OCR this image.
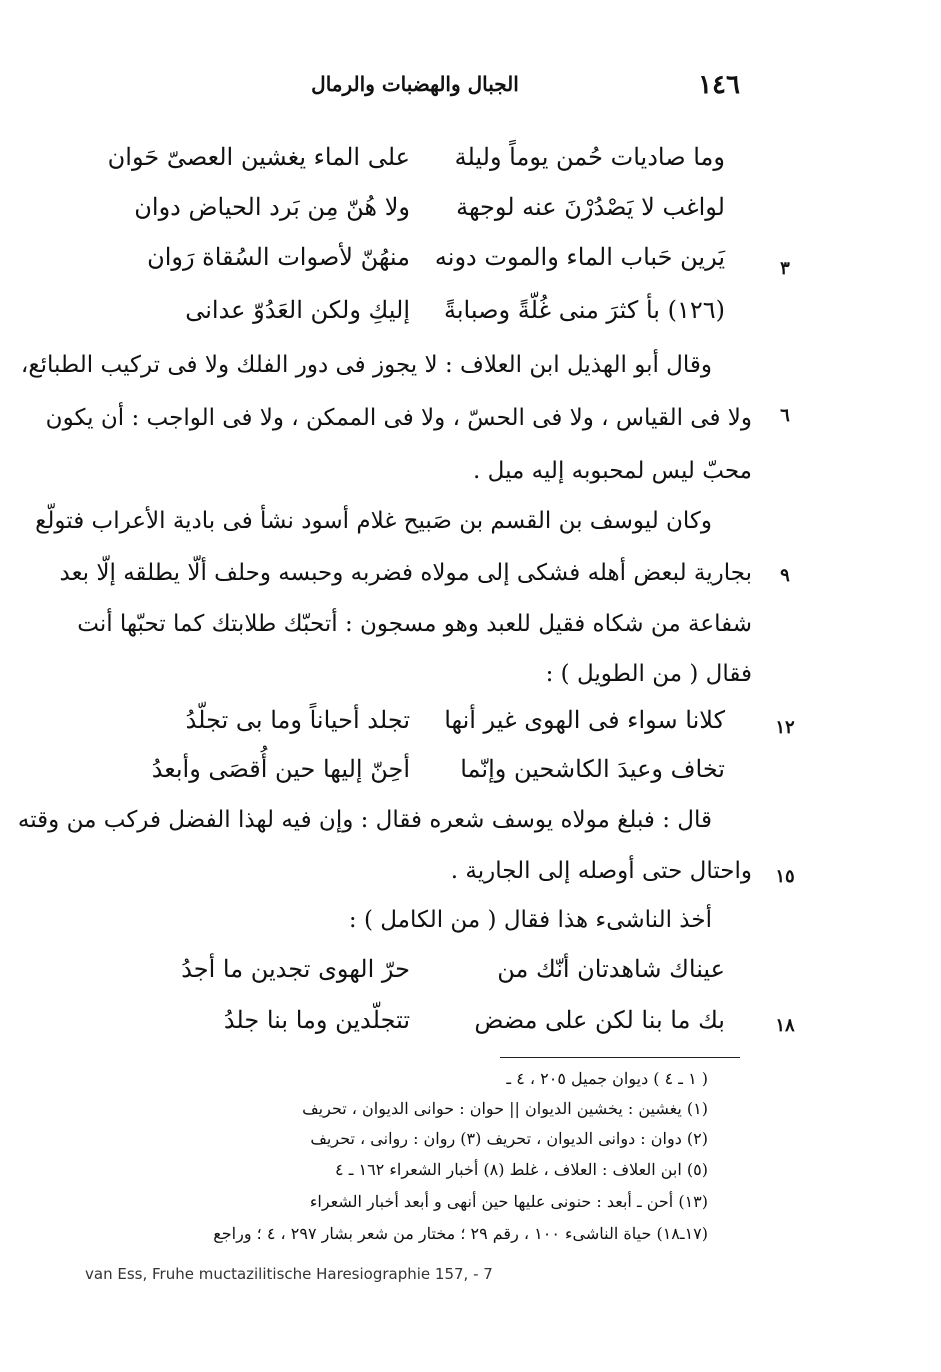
الجبال والهضبات والرمال	١٤٦
وما صاديات حُمن يوماً وليلة
على الماء يغشين العصىّ حَوان
لواغب لا يَصْدُرْنَ عنه لوجهة
ولا هُنّ مِن بَرد الحياض دوان
٣
يَرين حَباب الماء والموت دونه
منهُنّ لأصوات السُقاة رَوان
(١٢٦) بأ كثرَ منى غُلّةً وصبابةً
إليكِ ولكن العَدُوّ عدانى
وقال أبو الهذيل ابن العلاف : لا يجوز فى دور الفلك ولا فى تركيب الطبائع،
٦
ولا فى القياس ، ولا فى الحسّ ، ولا فى الممكن ، ولا فى الواجب : أن يكون
محبّ ليس لمحبوبه إليه ميل .
وكان ليوسف بن القسم بن صَبيح غلام أسود نشأ فى بادية الأعراب فتولّع
٩
بجارية لبعض أهله فشكى إلى مولاه فضربه وحبسه وحلف ألّا يطلقه إلّا بعد
شفاعة من شكاه فقيل للعبد وهو مسجون : أتحبّك طلابتك كما تحبّها أنت
فقال ( من الطويل ) :
١٢
كلانا سواء فى الهوى غير أنها
تجلد أحياناً وما بى تجلّدُ
تخاف وعيدَ الكاشحين وإنّما
أحِنّ إليها حين أُقصَى وأبعدُ
قال : فبلغ مولاه يوسف شعره فقال : وإن فيه لهذا الفضل فركب من وقته
١٥
واحتال حتى أوصله إلى الجارية .
أخذ الناشىء هذا فقال ( من الكامل ) :
عيناك شاهدتان أنّك من
حرّ الهوى تجدين ما أجدُ
١٨
بك ما بنا لكن على مضض
تتجلّدين وما بنا جلدُ
( ١ ـ ٤ ) ديوان جميل ٢٠٥ ، ٤ ـ
(١) يغشين : يخشين الديوان || حوان : حوانى الديوان ، تحريف
(٢) دوان : دوانى الديوان ، تحريف (٣) روان : روانى ، تحريف
(٥) ابن العلاف : العلاف ، غلط (٨) أخبار الشعراء ١٦٢ ـ ٤
(١٣) أحن ـ أبعد : حنونى عليها حين أنهى و أبعد أخبار الشعراء
(١٧ـ١٨) حياة الناشىء ١٠٠ ، رقم ٢٩ ؛ مختار من شعر بشار ٢٩٧ ، ٤ ؛ وراجع
van Ess, Fruhe muctazilitische Haresiographie 157, - 7
